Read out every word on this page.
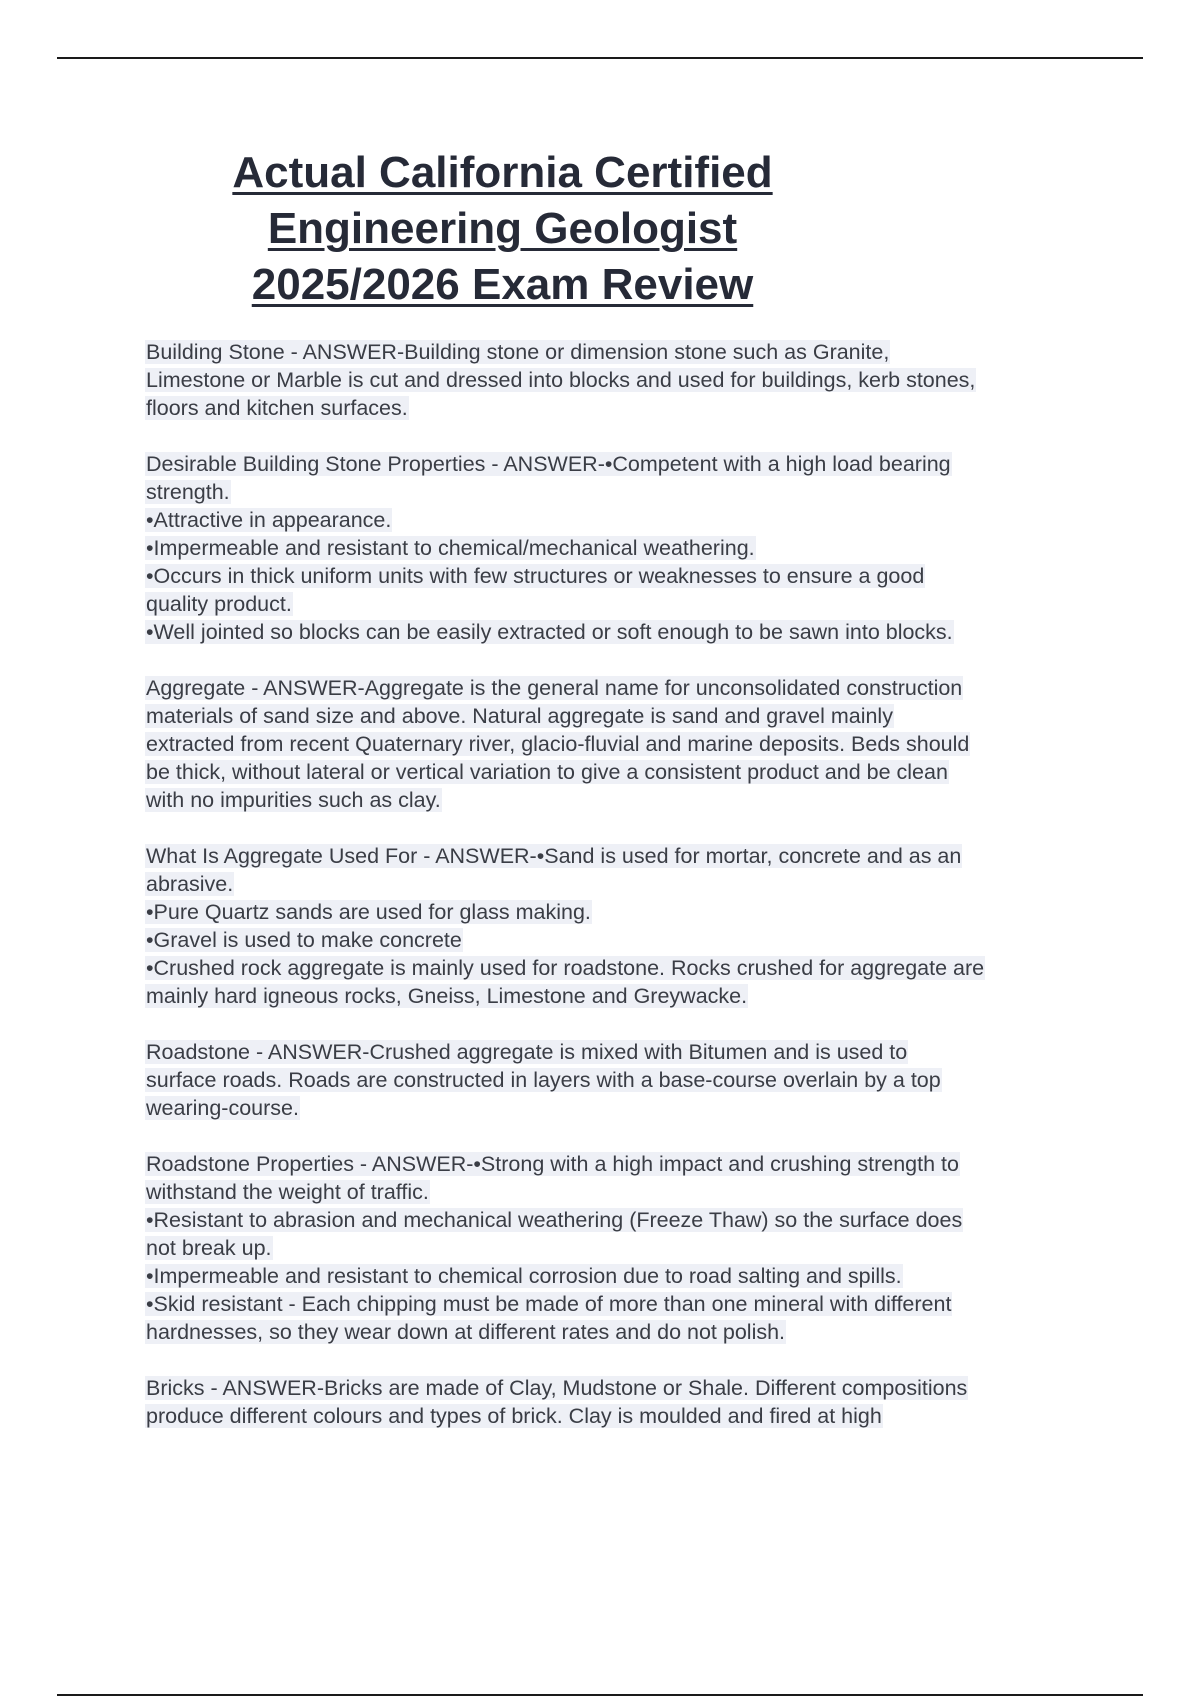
Actual California Certified
Engineering Geologist
2025/2026 Exam Review

Building Stone - ANSWER-Building stone or dimension stone such as Granite,
Limestone or Marble is cut and dressed into blocks and used for buildings, kerb stones,
floors and kitchen surfaces.

Desirable Building Stone Properties - ANSWER-•Competent with a high load bearing
strength.
•Attractive in appearance.
•Impermeable and resistant to chemical/mechanical weathering.
•Occurs in thick uniform units with few structures or weaknesses to ensure a good
quality product.
•Well jointed so blocks can be easily extracted or soft enough to be sawn into blocks.

Aggregate - ANSWER-Aggregate is the general name for unconsolidated construction
materials of sand size and above. Natural aggregate is sand and gravel mainly
extracted from recent Quaternary river, glacio-fluvial and marine deposits. Beds should
be thick, without lateral or vertical variation to give a consistent product and be clean
with no impurities such as clay.

What Is Aggregate Used For - ANSWER-•Sand is used for mortar, concrete and as an
abrasive.
•Pure Quartz sands are used for glass making.
•Gravel is used to make concrete
•Crushed rock aggregate is mainly used for roadstone. Rocks crushed for aggregate are
mainly hard igneous rocks, Gneiss, Limestone and Greywacke.

Roadstone - ANSWER-Crushed aggregate is mixed with Bitumen and is used to
surface roads. Roads are constructed in layers with a base-course overlain by a top
wearing-course.

Roadstone Properties - ANSWER-•Strong with a high impact and crushing strength to
withstand the weight of traffic.
•Resistant to abrasion and mechanical weathering (Freeze Thaw) so the surface does
not break up.
•Impermeable and resistant to chemical corrosion due to road salting and spills.
•Skid resistant - Each chipping must be made of more than one mineral with different
hardnesses, so they wear down at different rates and do not polish.

Bricks - ANSWER-Bricks are made of Clay, Mudstone or Shale. Different compositions
produce different colours and types of brick. Clay is moulded and fired at high
